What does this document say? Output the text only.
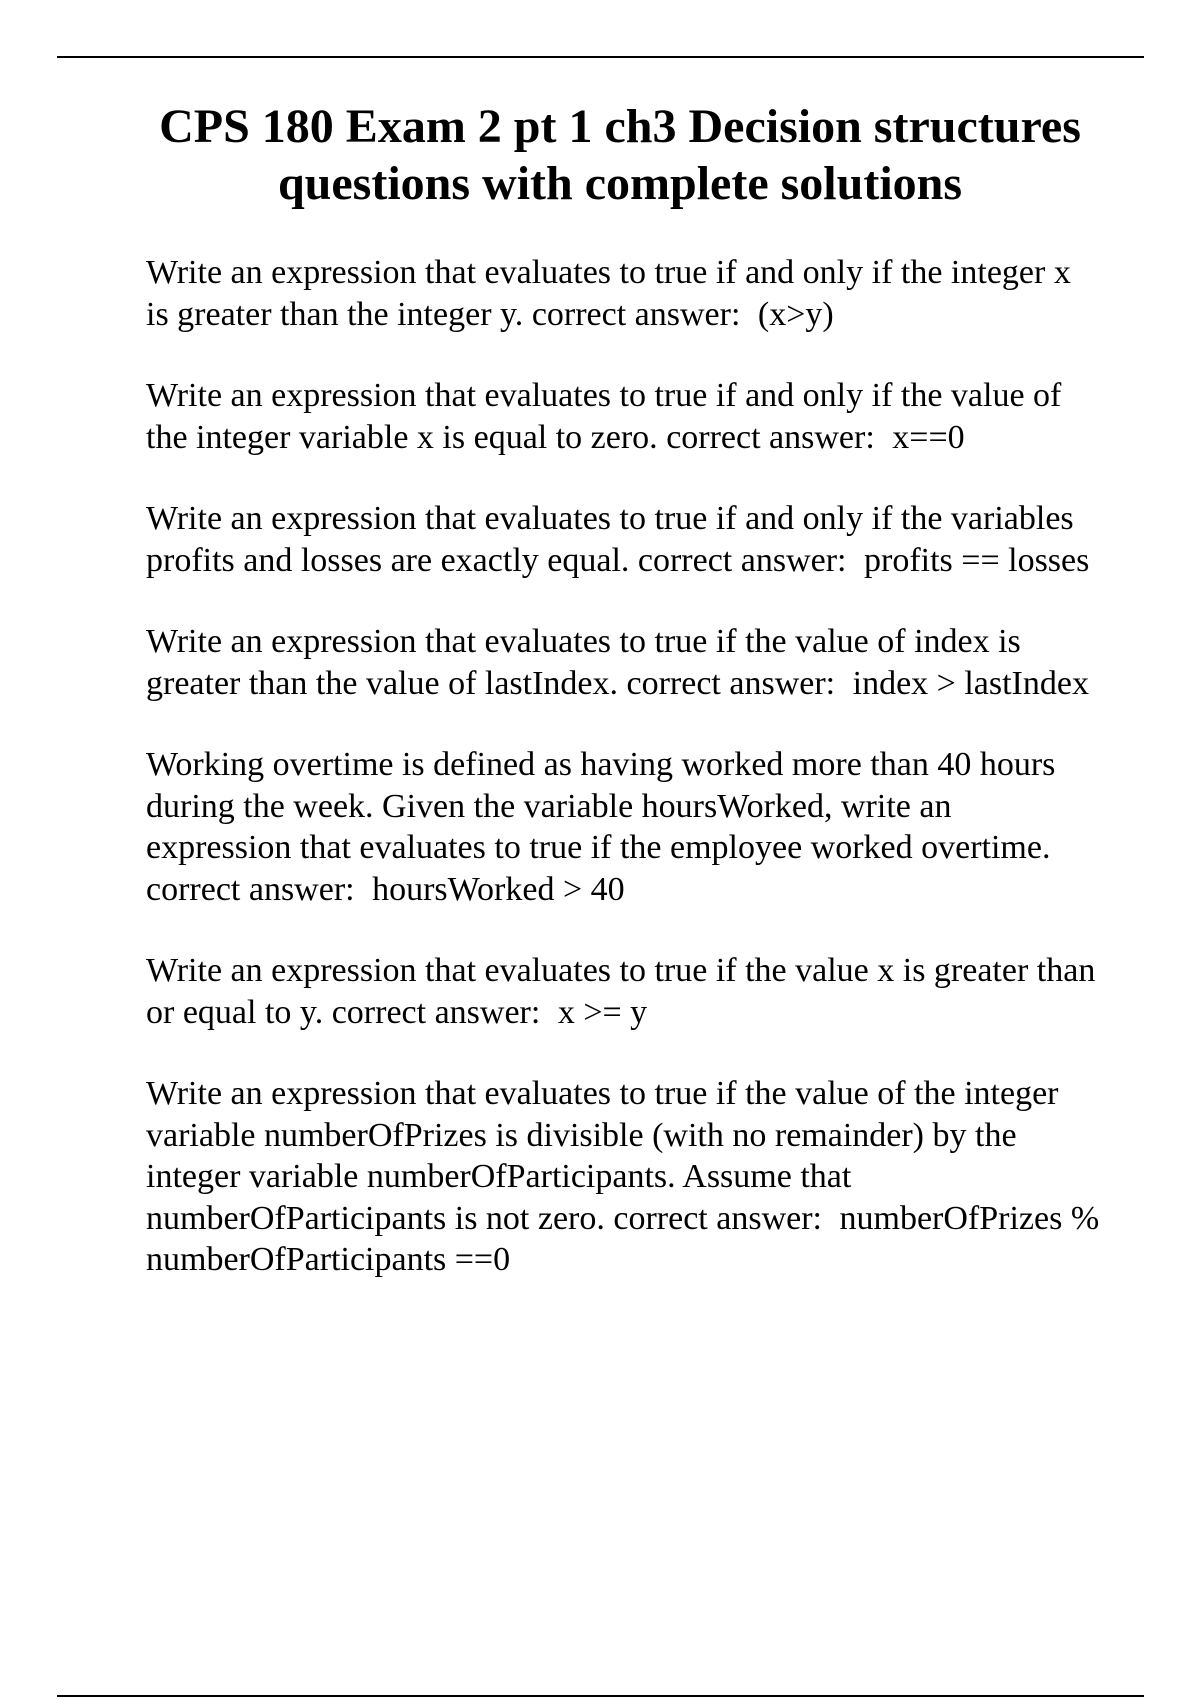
CPS 180 Exam 2 pt 1 ch3 Decision structures questions with complete solutions

Write an expression that evaluates to true if and only if the integer x is greater than the integer y. correct answer: (x>y)

Write an expression that evaluates to true if and only if the value of the integer variable x is equal to zero. correct answer: x==0

Write an expression that evaluates to true if and only if the variables profits and losses are exactly equal. correct answer: profits == losses

Write an expression that evaluates to true if the value of index is greater than the value of lastIndex. correct answer: index > lastIndex

Working overtime is defined as having worked more than 40 hours during the week. Given the variable hoursWorked, write an expression that evaluates to true if the employee worked overtime. correct answer: hoursWorked > 40

Write an expression that evaluates to true if the value x is greater than or equal to y. correct answer: x >= y

Write an expression that evaluates to true if the value of the integer variable numberOfPrizes is divisible (with no remainder) by the integer variable numberOfParticipants. Assume that numberOfParticipants is not zero. correct answer: numberOfPrizes % numberOfParticipants ==0
